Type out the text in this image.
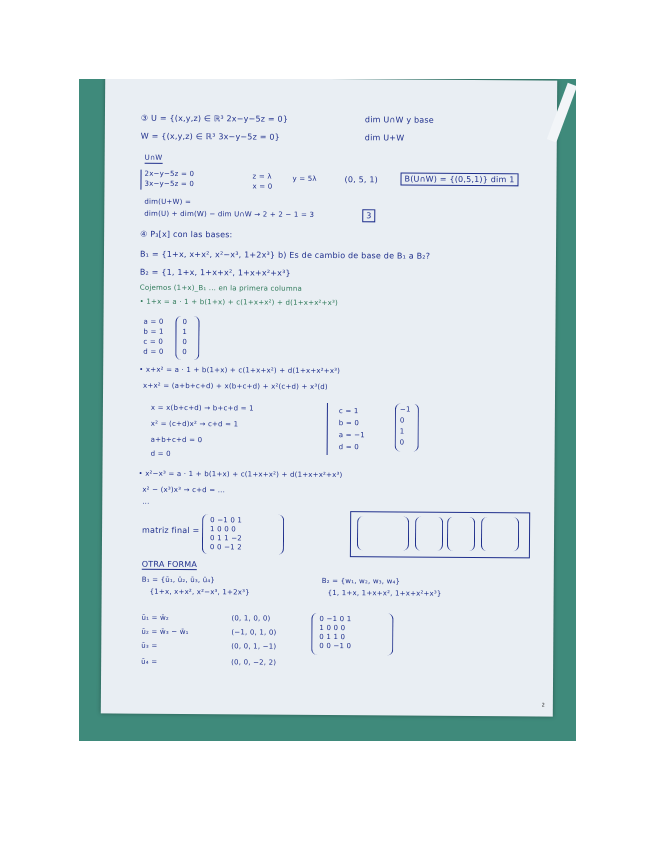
③ U = {(x,y,z) ∈ ℝ³ 2x−y−5z = 0}	dim U∩W y base
W = {(x,y,z) ∈ ℝ³ 3x−y−5z = 0}	dim U+W
U∩W
2x−y−5z = 0	z = λ	y = 5λ	(0, 5, 1)
3x−y−5z = 0	x = 0
dim(U+W) =
dim(U) + dim(W) − dim U∩W → 2 + 2 − 1 = 3
④ P₃[x] con las bases:
B₁ = {1+x, x+x², x²−x³, 1+2x³} b) Es de cambio de base de B₁ a B₂?
B₂ = {1, 1+x, 1+x+x², 1+x+x²+x³}
Cojemos (1+x)_B₁ ... en la primera columna
• 1+x = a · 1 + b(1+x) + c(1+x+x²) + d(1+x+x²+x³)
a = 0
b = 1
c = 0
d = 0
• x+x² = a · 1 + b(1+x) + c(1+x+x²) + d(1+x+x²+x³)
x+x² = (a+b+c+d) + x(b+c+d) + x²(c+d) + x³(d)
x = x(b+c+d) → b+c+d = 1
x² = (c+d)x² → c+d = 1
a+b+c+d = 0
d = 0
c = 1
b = 0
a = −1
d = 0
• x²−x³ = a · 1 + b(1+x) + c(1+x+x²) + d(1+x+x²+x³)
x² − (x³)x³ → c+d = ...
...
matriz final =
OTRA FORMA
B₁ = {ū₁, ū₂, ū₃, ū₄}	B₂ = {w₁, w₂, w₃, w₄}
{1+x, x+x², x²−x³, 1+2x³}	{1, 1+x, 1+x+x², 1+x+x²+x³}
ū₁ = w̄₂	(0, 1, 0, 0)
ū₂ = w̄₃ − w̄₁	(−1, 0, 1, 0)
ū₃ =	(0, 0, 1, −1)
ū₄ =	(0, 0, −2, 2)
B(U∩W) = {(0,5,1)} dim 1
3
0
1
0
0
−1
0
1
0
0 −1 0 1
1 0 0 0
0 1 1 −2
0 0 −1 2
0 −1 0 1
1 0 0 0
0 1 1 0
0 0 −1 0
2
